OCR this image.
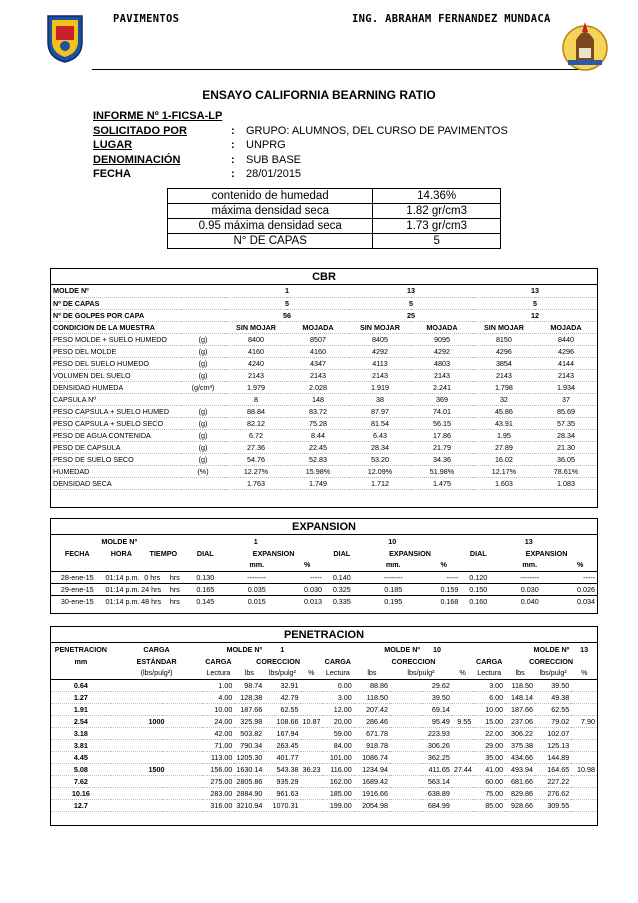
PAVIMENTOS	ING. ABRAHAM FERNANDEZ MUNDACA
ENSAYO CALIFORNIA BEARNING RATIO
INFORME Nº 1-FICSA-LP
SOLICITADO POR	: GRUPO: ALUMNOS, DEL CURSO DE PAVIMENTOS
LUGAR	: UNPRG
DENOMINACIÓN	: SUB BASE
FECHA	: 28/01/2015
contenido de humedad	14.36%
máxima densidad seca	1.82 gr/cm3
0.95 máxima densidad seca	1.73 gr/cm3
N° DE CAPAS	5
CBR
MOLDE Nº		1		13		13	
Nº DE CAPAS		5		5		5	
Nº DE GOLPES POR CAPA		56		25		12	
CONDICION DE LA MUESTRA		SIN MOJAR	MOJADA	SIN MOJAR	MOJADA	SIN MOJAR	MOJADA
PESO MOLDE + SUELO HUMEDO	(g)	8400	8507	8405	9095	8150	8440
PESO DEL MOLDE	(g)	4160	4160	4292	4292	4296	4296
PESO DEL SUELO HUMEDO	(g)	4240	4347	4113	4803	3854	4144
VOLUMEN DEL SUELO	(g)	2143	2143	2143	2143	2143	2143
DENSIDAD HUMEDA	(g/cm³)	1.979	2.028	1.919	2.241	1.798	1.934
CAPSULA Nº		8	148	38	369	32	37
PESO CAPSULA + SUELO HUMED	(g)	88.84	83.72	87.97	74.01	45.86	85.69
PESO CAPSULA + SUELO SECO	(g)	82.12	75.28	81.54	56.15	43.91	57.35
PESO DE AGUA CONTENIDA	(g)	6.72	8.44	6.43	17.86	1.95	28.34
PESO DE CAPSULA	(g)	27.36	22.45	28.34	21.79	27.89	21.30
PESO DE SUELO SECO	(g)	54.76	52.83	53.20	34.36	16.02	36.05
HUMEDAD	(%)	12.27%	15.98%	12.09%	51.98%	12.17%	78.61%
DENSIDAD SECA		1.763	1.749	1.712	1.475	1.603	1.083
EXPANSION
MOLDE Nº				1			10			13		
FECHA	HORA	TIEMPO		DIAL	EXPANSION		DIAL	EXPANSION		DIAL	EXPANSION	
					mm.	%		mm.	%		mm.	%
28-ene-15	01:14 p.m.	0 hrs	hrs	0.130	--------	-----	0.140	--------	-----	0.120	--------	-----
29-ene-15	01:14 p.m.	24 hrs	hrs	0.165	0.035	0.030	0.325	0.185	0.159	0.150	0.030	0.026
30-ene-15	01:14 p.m.	48 hrs	hrs	0.145	0.015	0.013	0.335	0.195	0.168	0.160	0.040	0.034
PENETRACION
PENETRACION	CARGA	MOLDE Nº		1		MOLDE Nº			10		MOLDE Nº			13
mm	ESTÁNDAR	CARGA	CORECCION			CARGA	CORECCION				CARGA	CORECCION		
	(lbs/pulg²)	Lectura	lbs	lbs/pulg²	%	Lectura	lbs	lbs/pulg²		%	Lectura	lbs	lbs/pulg²	%
0.64		1.00	98.74	32.91		0.00	88.86	29.62			3.00	118.50	39.50	
1.27		4.00	128.38	42.79		3.00	118.50	39.50			6.00	148.14	49.38	
1.91		10.00	187.66	62.55		12.00	207.42	69.14			10.00	187.66	62.55	
2.54	1000	24.00	325.98	108.66	10.87	20.00	286.46	95.49		9.55	15.00	237.06	79.02	7.90
3.18		42.00	503.82	167.94		59.00	671.78	223.93			22.00	306.22	102.07	
3.81		71.00	790.34	263.45		84.00	918.78	306.26			29.00	375.38	125.13	
4.45		113.00	1205.30	401.77		101.00	1086.74	362.25			35.00	434.66	144.89	
5.08	1500	156.00	1630.14	543.38	36.23	116.00	1234.94	411.65		27.44	41.00	493.94	164.65	10.98
7.62		275.00	2805.86	935.29		162.00	1689.42	563.14			60.00	681.66	227.22	
10.16		283.00	2884.90	961.63		185.00	1916.66	638.89			75.00	829.86	276.62	
12.7		316.00	3210.94	1070.31		199.00	2054.98	684.99			85.00	928.66	309.55	
